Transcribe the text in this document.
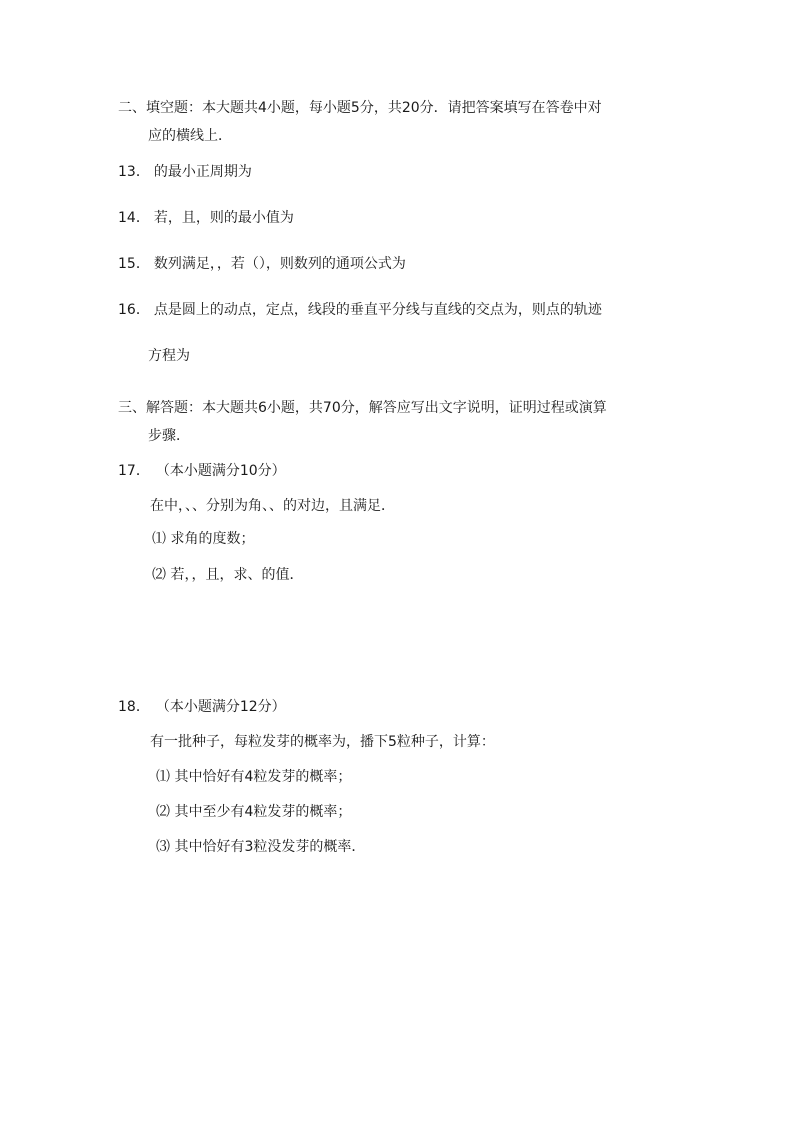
二、填空题：本大题共4小题，每小题5分，共20分．请把答案填写在答卷中对
应的横线上．
13． 的最小正周期为
14． 若，且，则的最小值为
15． 数列满足，，若（），则数列的通项公式为
16． 点是圆上的动点，定点，线段的垂直平分线与直线的交点为，则点的轨迹
方程为
三、解答题：本大题共6小题，共70分，解答应写出文字说明，证明过程或演算
步骤．
17． （本小题满分10分）
在中，、、分别为角、、的对边，且满足．
⑴ 求角的度数；
⑵ 若，，且，求、的值．
18． （本小题满分12分）
有一批种子，每粒发芽的概率为，播下5粒种子，计算：
⑴ 其中恰好有4粒发芽的概率；
⑵ 其中至少有4粒发芽的概率；
⑶ 其中恰好有3粒没发芽的概率．
